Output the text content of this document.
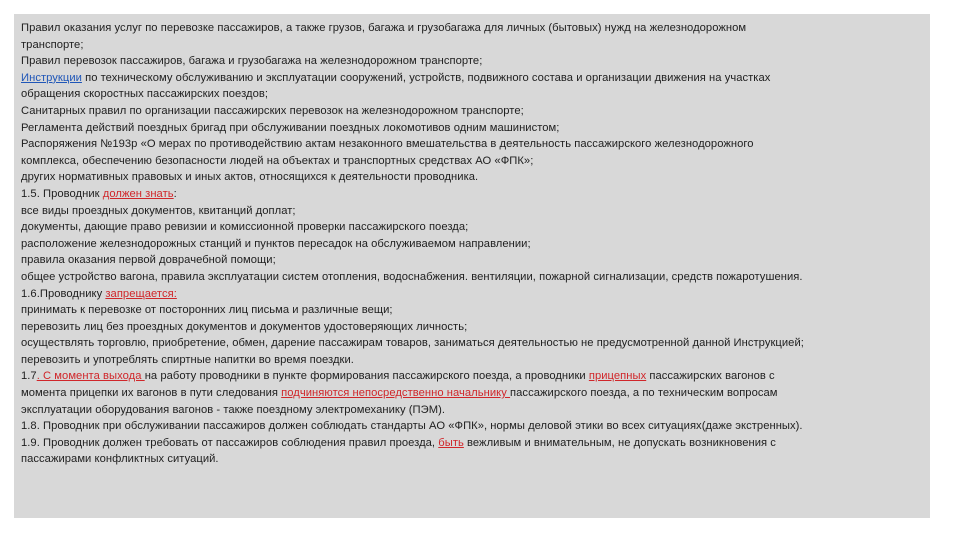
Правил оказания услуг по перевозке пассажиров, а также грузов, багажа и грузобагажа для личных (бытовых) нужд на железнодорожном
транспорте;
Правил перевозок пассажиров, багажа и грузобагажа на железнодорожном транспорте;
Инструкции по техническому обслуживанию и эксплуатации сооружений, устройств, подвижного состава и организации движения на участках
обращения скоростных пассажирских поездов;
Санитарных правил по организации пассажирских перевозок на железнодорожном транспорте;
Регламента действий поездных бригад при обслуживании поездных локомотивов одним машинистом;
Распоряжения №193р «О мерах по противодействию актам незаконного вмешательства в деятельность пассажирского железнодорожного
комплекса, обеспечению безопасности людей на объектах и транспортных средствах АО «ФПК»;
других нормативных правовых и иных актов, относящихся к деятельности проводника.
1.5. Проводник должен знать:
все виды проездных документов, квитанций доплат;
документы, дающие право ревизии и комиссионной проверки пассажирского поезда;
расположение железнодорожных станций и пунктов пересадок на обслуживаемом направлении;
правила оказания первой доврачебной помощи;
общее устройство вагона, правила эксплуатации систем отопления, водоснабжения. вентиляции, пожарной сигнализации, средств пожаротушения.
1.6.Проводнику запрещается:
принимать к перевозке от посторонних лиц письма и различные вещи;
перевозить лиц без проездных документов и документов удостоверяющих личность;
осуществлять торговлю, приобретение, обмен, дарение пассажирам товаров, заниматься деятельностью не предусмотренной данной Инструкцией;
перевозить и употреблять спиртные напитки во время поездки.
1.7. С момента выхода на работу проводники в пункте формирования пассажирского поезда, а проводники прицепных пассажирских вагонов с
момента прицепки их вагонов в пути следования подчиняются непосредственно начальнику пассажирского поезда, а по техническим вопросам
эксплуатации оборудования вагонов - также поездному электромеханику (ПЭМ).
1.8. Проводник при обслуживании пассажиров должен соблюдать стандарты АО «ФПК», нормы деловой этики во всех ситуациях(даже экстренных).
1.9. Проводник должен требовать от пассажиров соблюдения правил проезда, быть вежливым и внимательным, не допускать возникновения с
пассажирами конфликтных ситуаций.
